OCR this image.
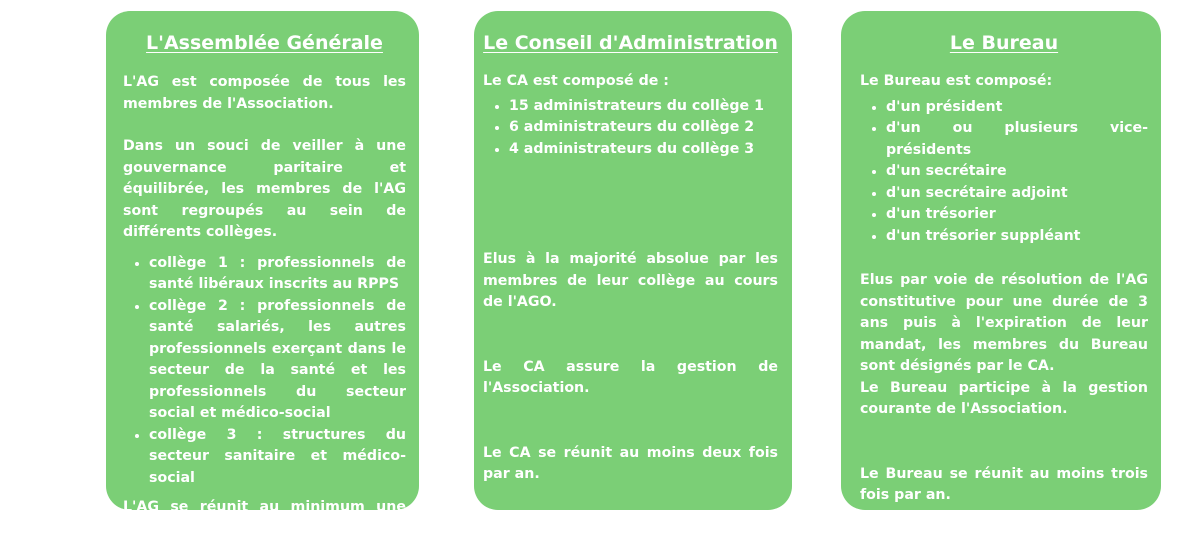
L'Assemblée Générale

L'AG est composée de tous les membres de l'Association.

Dans un souci de veiller à une gouvernance paritaire et équilibrée, les membres de l'AG sont regroupés au sein de différents collèges.

• collège 1 : professionnels de santé libéraux inscrits au RPPS
• collège 2 : professionnels de santé salariés, les autres professionnels exerçant dans le secteur de la santé et les professionnels du secteur social et médico-social
• collège 3 : structures du secteur sanitaire et médico-social

L'AG se réunit au minimum une fois par an.

Le Conseil d'Administration

Le CA est composé de :

• 15 administrateurs du collège 1
• 6 administrateurs du collège 2
• 4 administrateurs du collège 3

Elus à la majorité absolue par les membres de leur collège au cours de l'AGO.

Le CA assure la gestion de l'Association.

Le CA se réunit au moins deux fois par an.

Le Bureau

Le Bureau est composé:

• d'un président
• d'un ou plusieurs vice-présidents
• d'un secrétaire
• d'un secrétaire adjoint
• d'un trésorier
• d'un trésorier suppléant

Elus par voie de résolution de l'AG constitutive pour une durée de 3 ans puis à l'expiration de leur mandat, les membres du Bureau sont désignés par le CA.

Le Bureau participe à la gestion courante de l'Association.

Le Bureau se réunit au moins trois fois par an.
